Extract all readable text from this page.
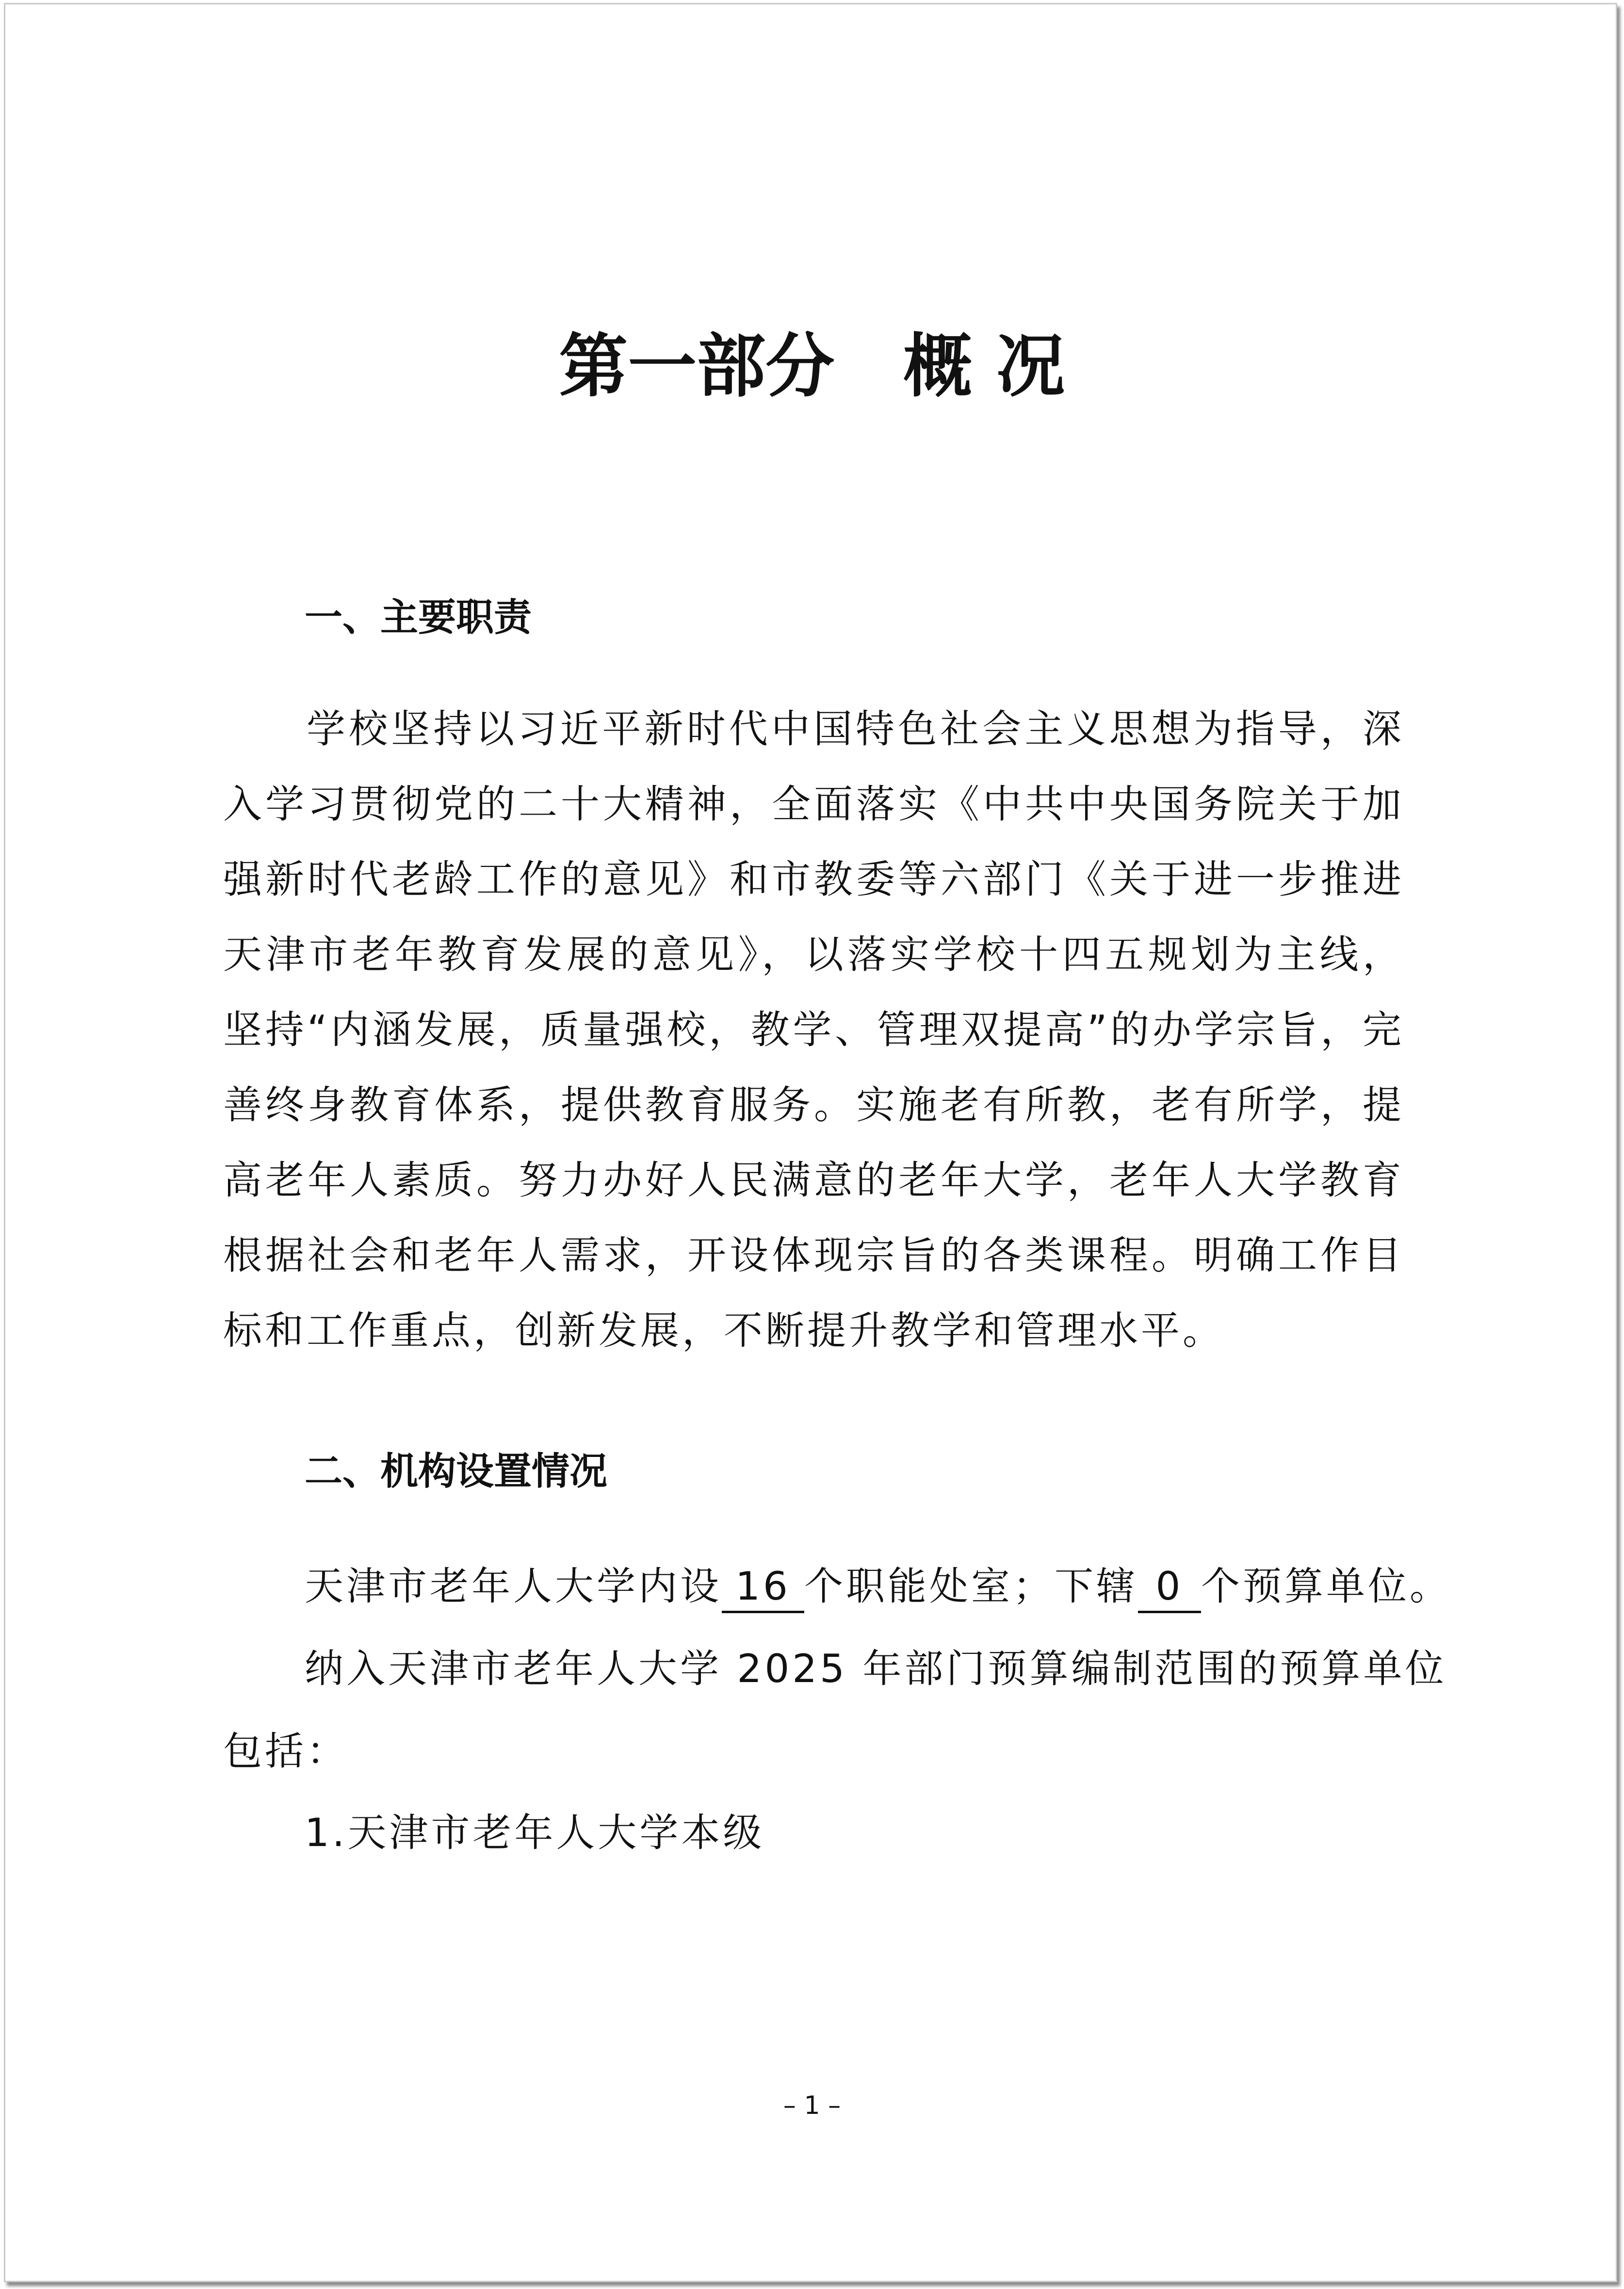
第一部分　概 况
一、主要职责

学校坚持以习近平新时代中国特色社会主义思想为指导，深入学习贯彻党的二十大精神，全面落实《中共中央国务院关于加强新时代老龄工作的意见》和市教委等六部门《关于进一步推进天津市老年教育发展的意见》，以落实学校十四五规划为主线，坚持“内涵发展，质量强校，教学、管理双提高”的办学宗旨，完善终身教育体系，提供教育服务。实施老有所教，老有所学，提高老年人素质。努力办好人民满意的老年大学，老年人大学教育根据社会和老年人需求，开设体现宗旨的各类课程。明确工作目标和工作重点，创新发展，不断提升教学和管理水平。

二、机构设置情况

天津市老年人大学内设 16 个职能处室；下辖 0 个预算单位。

纳入天津市老年人大学 2025 年部门预算编制范围的预算单位

包括：

1.天津市老年人大学本级

– 1 –
